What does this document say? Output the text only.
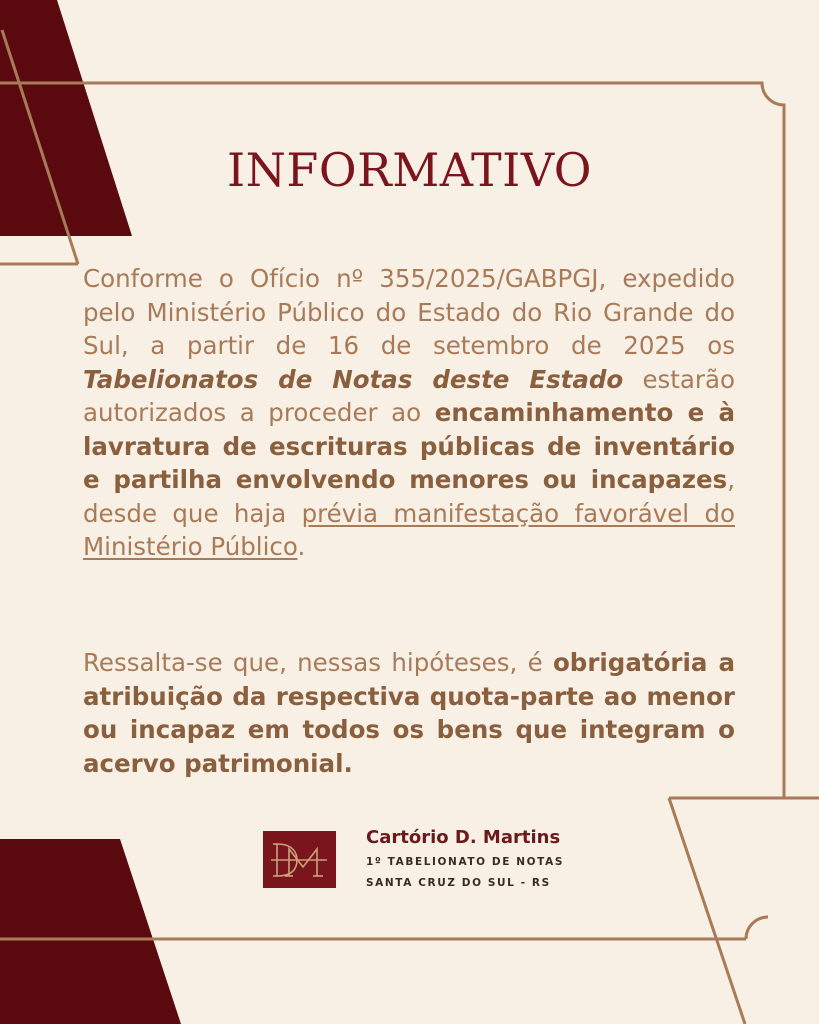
INFORMATIVO

Conforme o Ofício nº 355/2025/GABPGJ, expedido pelo Ministério Público do Estado do Rio Grande do Sul, a partir de 16 de setembro de 2025 os Tabelionatos de Notas deste Estado estarão autorizados a proceder ao encaminhamento e à lavratura de escrituras públicas de inventário e partilha envolvendo menores ou incapazes, desde que haja prévia manifestação favorável do Ministério Público.

Ressalta-se que, nessas hipóteses, é obrigatória a atribuição da respectiva quota-parte ao menor ou incapaz em todos os bens que integram o acervo patrimonial.

Cartório D. Martins
1º TABELIONATO DE NOTAS
SANTA CRUZ DO SUL - RS
